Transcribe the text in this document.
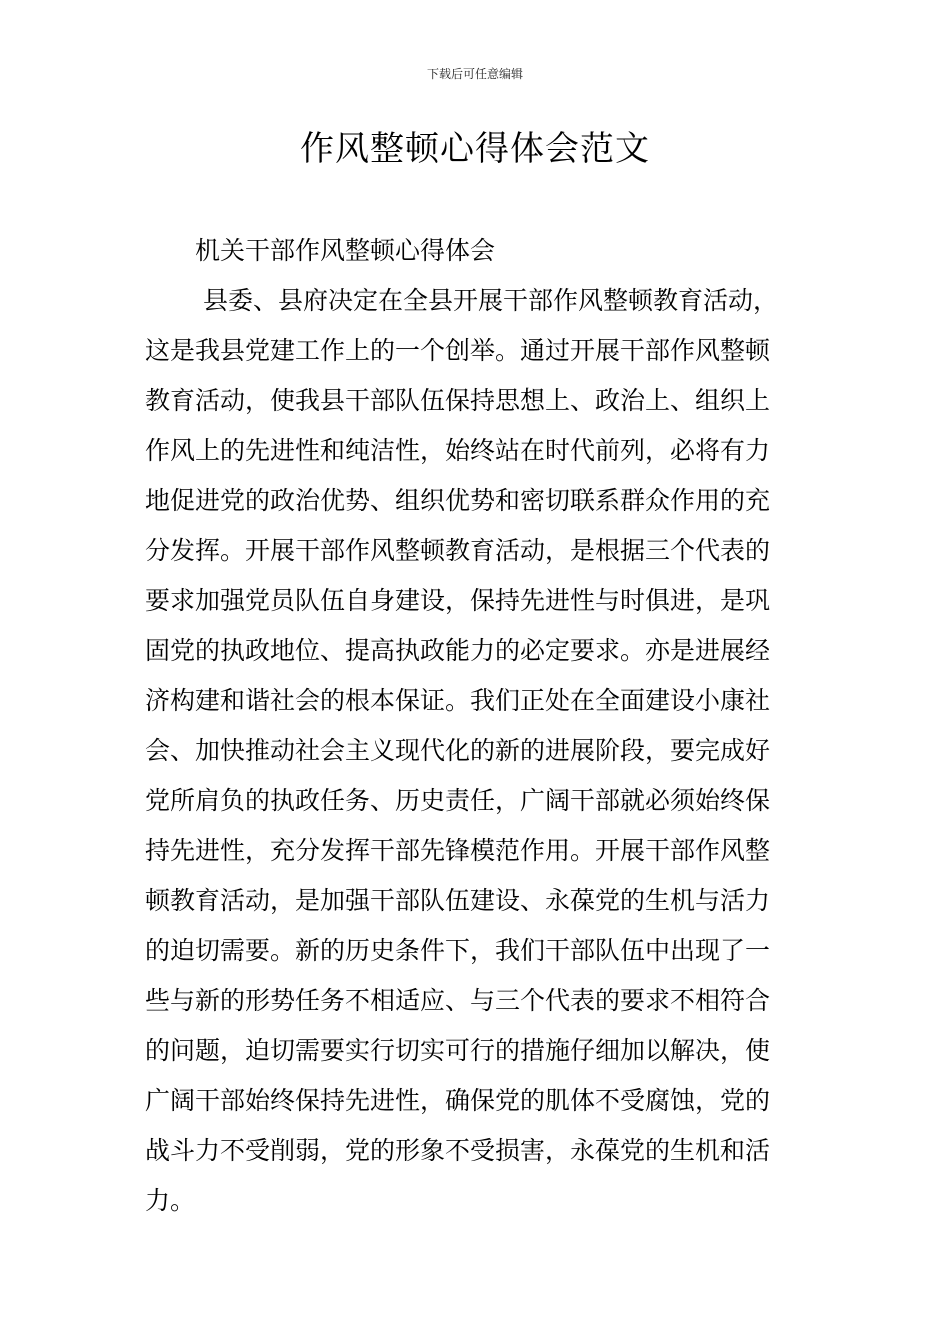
下载后可任意编辑
作风整顿心得体会范文

机关干部作风整顿心得体会

县委、县府决定在全县开展干部作风整顿教育活动，
这是我县党建工作上的一个创举。通过开展干部作风整顿
教育活动，使我县干部队伍保持思想上、政治上、组织上
作风上的先进性和纯洁性，始终站在时代前列，必将有力
地促进党的政治优势、组织优势和密切联系群众作用的充
分发挥。开展干部作风整顿教育活动，是根据三个代表的
要求加强党员队伍自身建设，保持先进性与时俱进，是巩
固党的执政地位、提高执政能力的必定要求。亦是进展经
济构建和谐社会的根本保证。我们正处在全面建设小康社
会、加快推动社会主义现代化的新的进展阶段，要完成好
党所肩负的执政任务、历史责任，广阔干部就必须始终保
持先进性，充分发挥干部先锋模范作用。开展干部作风整
顿教育活动，是加强干部队伍建设、永葆党的生机与活力
的迫切需要。新的历史条件下，我们干部队伍中出现了一
些与新的形势任务不相适应、与三个代表的要求不相符合
的问题，迫切需要实行切实可行的措施仔细加以解决，使
广阔干部始终保持先进性，确保党的肌体不受腐蚀，党的
战斗力不受削弱，党的形象不受损害，永葆党的生机和活
力。
